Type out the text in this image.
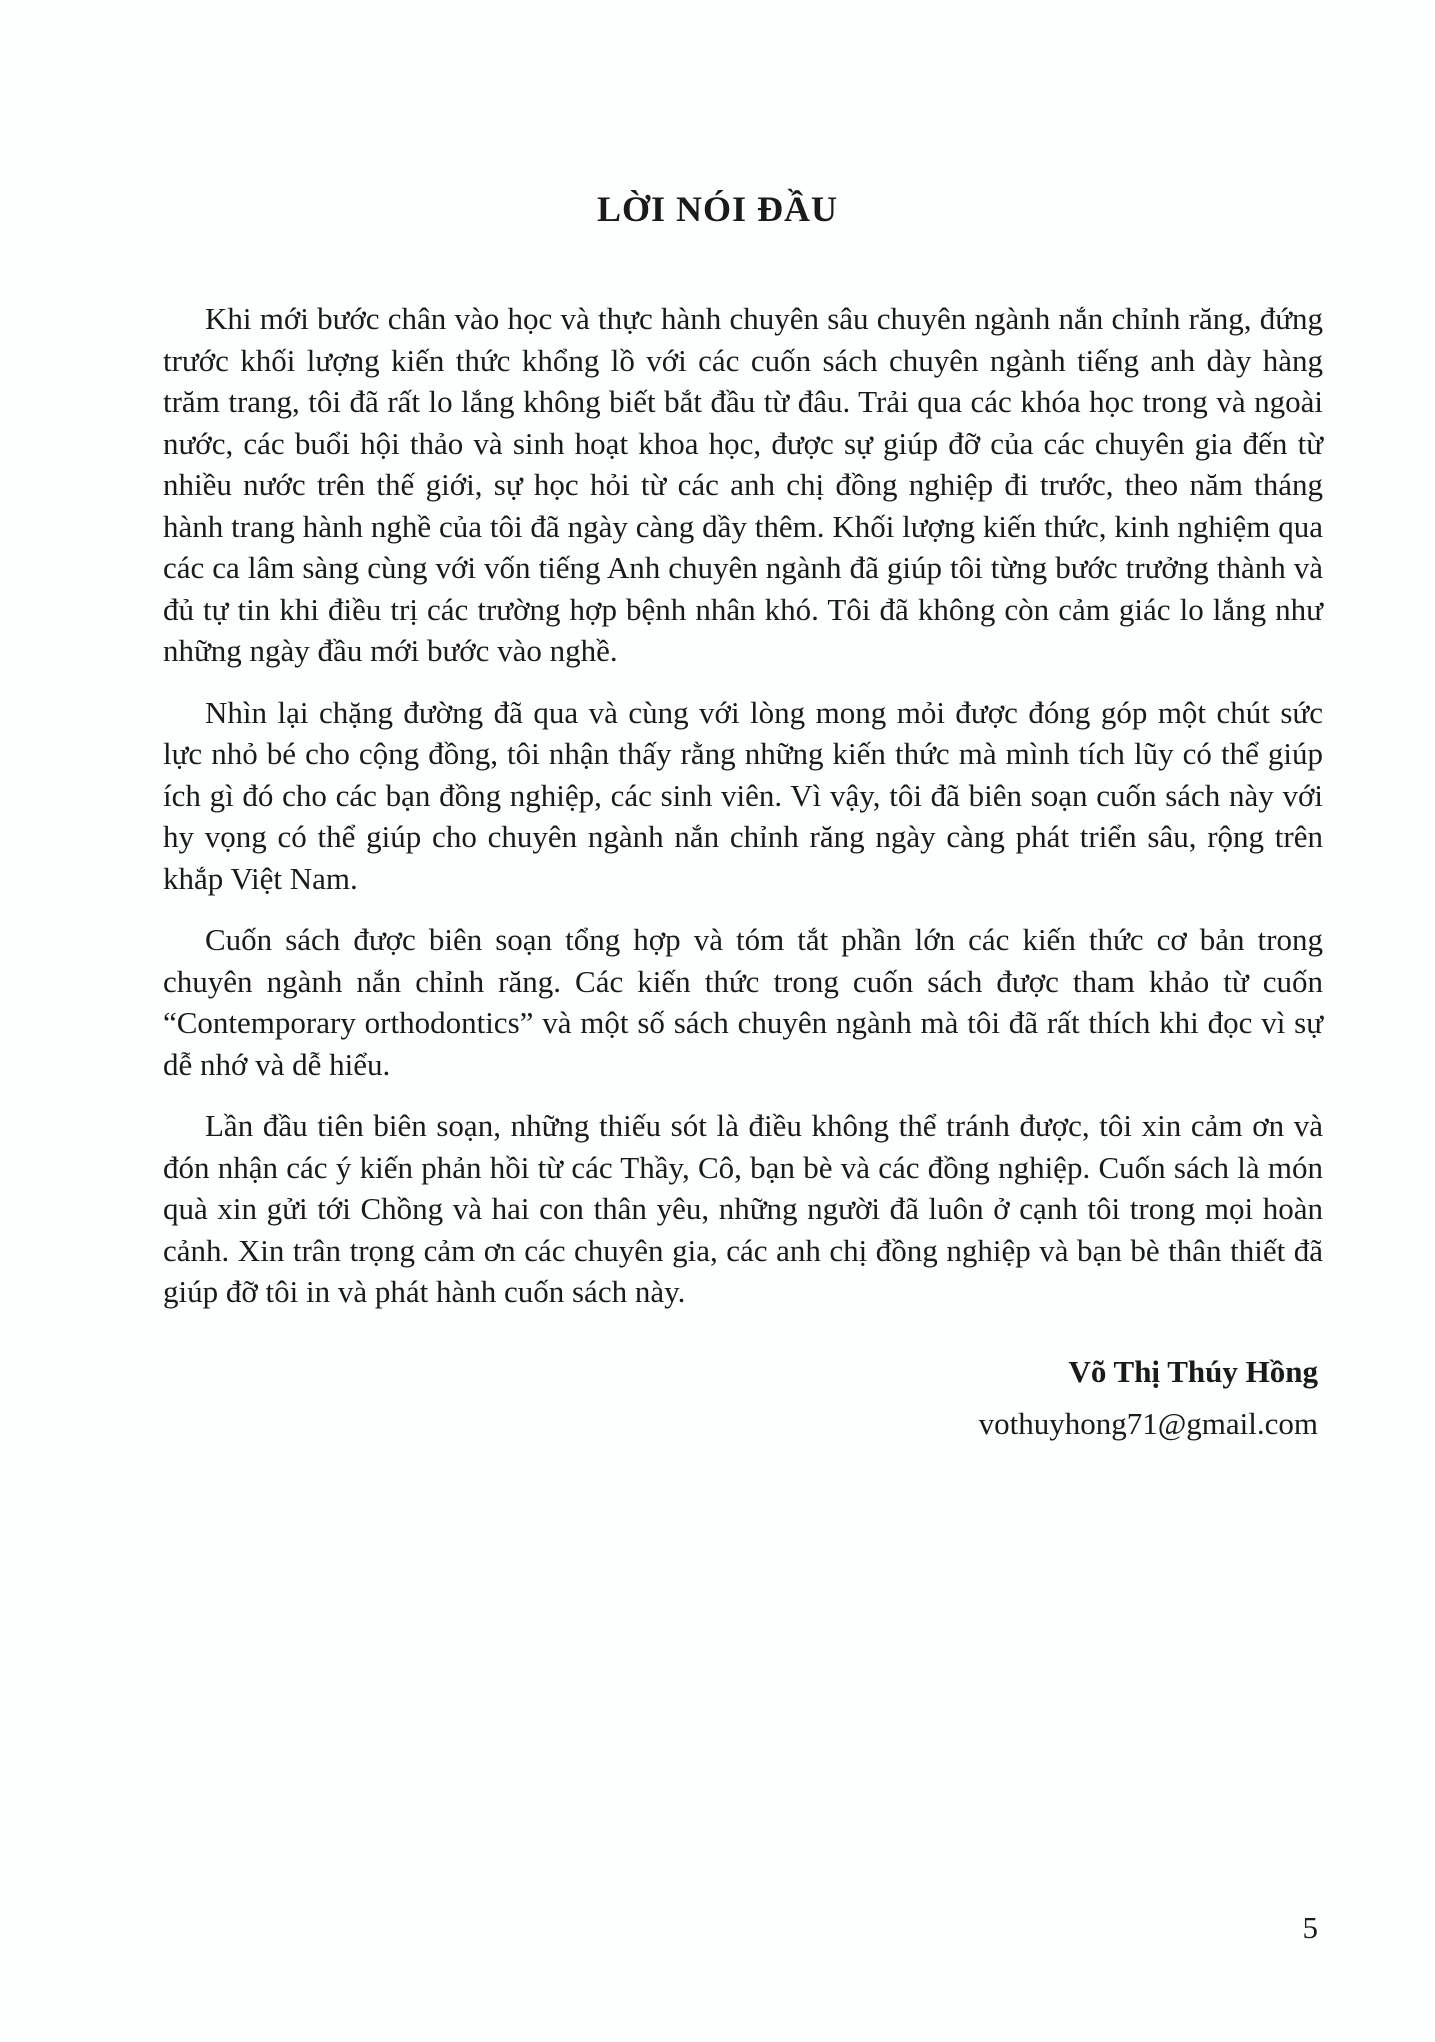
LỜI NÓI ĐẦU

Khi mới bước chân vào học và thực hành chuyên sâu chuyên ngành nắn chỉnh răng, đứng trước khối lượng kiến thức khổng lồ với các cuốn sách chuyên ngành tiếng anh dày hàng trăm trang, tôi đã rất lo lắng không biết bắt đầu từ đâu. Trải qua các khóa học trong và ngoài nước, các buổi hội thảo và sinh hoạt khoa học, được sự giúp đỡ của các chuyên gia đến từ nhiều nước trên thế giới, sự học hỏi từ các anh chị đồng nghiệp đi trước, theo năm tháng hành trang hành nghề của tôi đã ngày càng dầy thêm. Khối lượng kiến thức, kinh nghiệm qua các ca lâm sàng cùng với vốn tiếng Anh chuyên ngành đã giúp tôi từng bước trưởng thành và đủ tự tin khi điều trị các trường hợp bệnh nhân khó. Tôi đã không còn cảm giác lo lắng như những ngày đầu mới bước vào nghề.

Nhìn lại chặng đường đã qua và cùng với lòng mong mỏi được đóng góp một chút sức lực nhỏ bé cho cộng đồng, tôi nhận thấy rằng những kiến thức mà mình tích lũy có thể giúp ích gì đó cho các bạn đồng nghiệp, các sinh viên. Vì vậy, tôi đã biên soạn cuốn sách này với hy vọng có thể giúp cho chuyên ngành nắn chỉnh răng ngày càng phát triển sâu, rộng trên khắp Việt Nam.

Cuốn sách được biên soạn tổng hợp và tóm tắt phần lớn các kiến thức cơ bản trong chuyên ngành nắn chỉnh răng. Các kiến thức trong cuốn sách được tham khảo từ cuốn “Contemporary orthodontics” và một số sách chuyên ngành mà tôi đã rất thích khi đọc vì sự dễ nhớ và dễ hiểu.

Lần đầu tiên biên soạn, những thiếu sót là điều không thể tránh được, tôi xin cảm ơn và đón nhận các ý kiến phản hồi từ các Thầy, Cô, bạn bè và các đồng nghiệp. Cuốn sách là món quà xin gửi tới Chồng và hai con thân yêu, những người đã luôn ở cạnh tôi trong mọi hoàn cảnh. Xin trân trọng cảm ơn các chuyên gia, các anh chị đồng nghiệp và bạn bè thân thiết đã giúp đỡ tôi in và phát hành cuốn sách này.

Võ Thị Thúy Hồng
vothuyhong71@gmail.com
5
